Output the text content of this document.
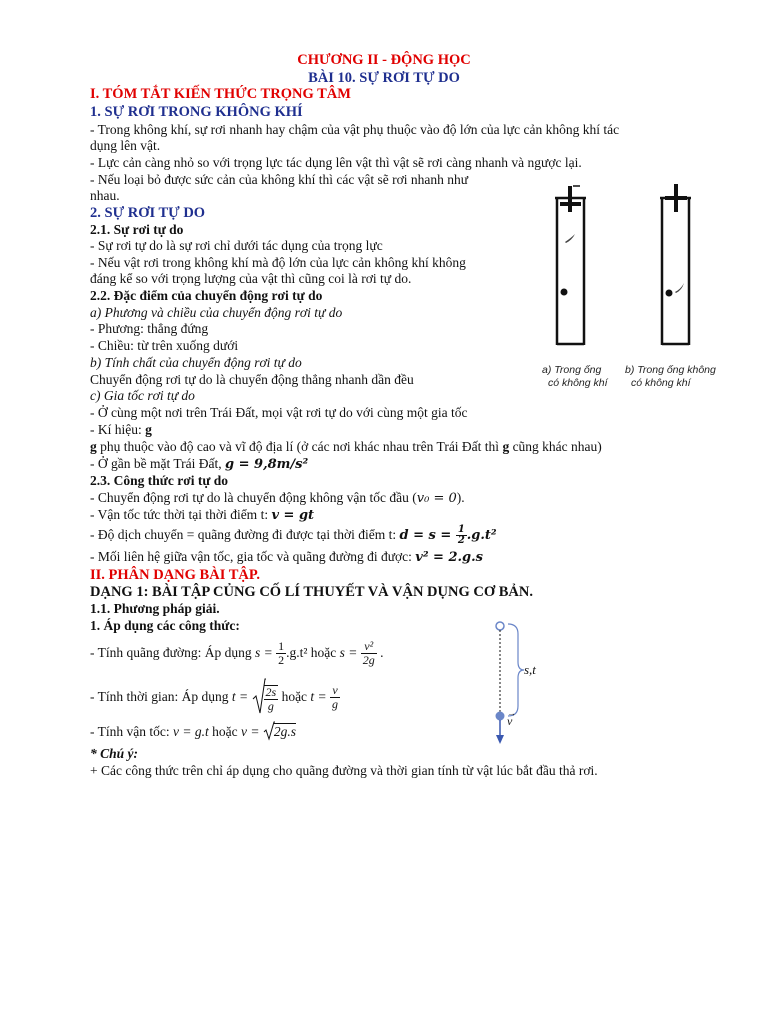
CHƯƠNG II - ĐỘNG HỌC
BÀI 10. SỰ RƠI TỰ DO
I. TÓM TẮT KIẾN THỨC TRỌNG TÂM
1. SỰ RƠI TRONG KHÔNG KHÍ
- Trong không khí, sự rơi nhanh hay chậm của vật phụ thuộc vào độ lớn của lực cản không khí tác
dụng lên vật.
- Lực cản càng nhỏ so với trọng lực tác dụng lên vật thì vật sẽ rơi càng nhanh và ngược lại.
- Nếu loại bỏ được sức cản của không khí thì các vật sẽ rơi nhanh như
nhau.
2. SỰ RƠI TỰ DO
2.1. Sự rơi tự do
- Sự rơi tự do là sự rơi chỉ dưới tác dụng của trọng lực
- Nếu vật rơi trong không khí mà độ lớn của lực cản không khí không
đáng kể so với trọng lượng của vật thì cũng coi là rơi tự do.
2.2. Đặc điểm của chuyển động rơi tự do
a) Phương và chiều của chuyển động rơi tự do
- Phương: thẳng đứng
- Chiều: từ trên xuống dưới
b) Tính chất của chuyển động rơi tự do
Chuyển động rơi tự do là chuyển động thẳng nhanh dần đều
c) Gia tốc rơi tự do
- Ở cùng một nơi trên Trái Đất, mọi vật rơi tự do với cùng một gia tốc
- Kí hiệu: g
g phụ thuộc vào độ cao và vĩ độ địa lí (ở các nơi khác nhau trên Trái Đất thì g cũng khác nhau)
- Ở gần bề mặt Trái Đất, g = 9,8m/s²
2.3. Công thức rơi tự do
- Chuyển động rơi tự do là chuyển động không vận tốc đầu (v₀ = 0).
- Vận tốc tức thời tại thời điểm t: v = gt
- Độ dịch chuyển = quãng đường đi được tại thời điểm t: $d = s = \frac{1}{2} .g.t^2$
- Mối liên hệ giữa vận tốc, gia tốc và quãng đường đi được: v² = 2.g.s
a) Trong ống
có không khí
b) Trong ống không
có không khí
II. PHÂN DẠNG BÀI TẬP.
DẠNG 1: BÀI TẬP CỦNG CỐ LÍ THUYẾT VÀ VẬN DỤNG CƠ BẢN.
1.1. Phương pháp giải.
1. Áp dụng các công thức:
- Tính quãng đường: Áp dụng $s = \frac{1}{2} .g.t^2$ hoặc $s = \frac{\text{v²}}{2g}$ .
- Tính thời gian: Áp dụng $t = \frac{2s}{g}$ hoặc $t = \frac{v}{g}$
- Tính vận tốc: v = g.t hoặc v =
2g.s
s,t
→
v
* Chú ý:
+ Các công thức trên chỉ áp dụng cho quãng đường và thời gian tính từ vật lúc bắt đầu thả rơi.
